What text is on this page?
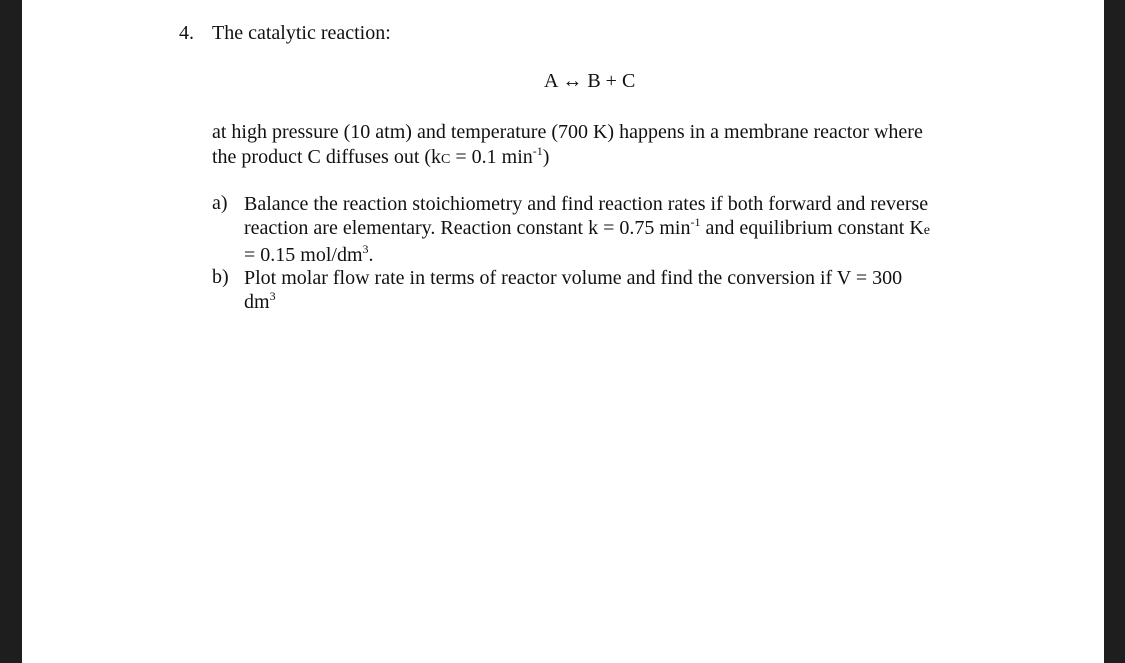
4. The catalytic reaction:
A ↔ B + C
at high pressure (10 atm) and temperature (700 K) happens in a membrane reactor where
the product C diffuses out (kC = 0.1 $\min^{-1}$)
a) Balance the reaction stoichiometry and find reaction rates if both forward and reverse
reaction are elementary. Reaction constant k = 0.75 $\min^{-1}$ and equilibrium constant Ke
= 0.15 mol/$dm^3$.
b) Plot molar flow rate in terms of reactor volume and find the conversion if V = 300
$dm^3$
